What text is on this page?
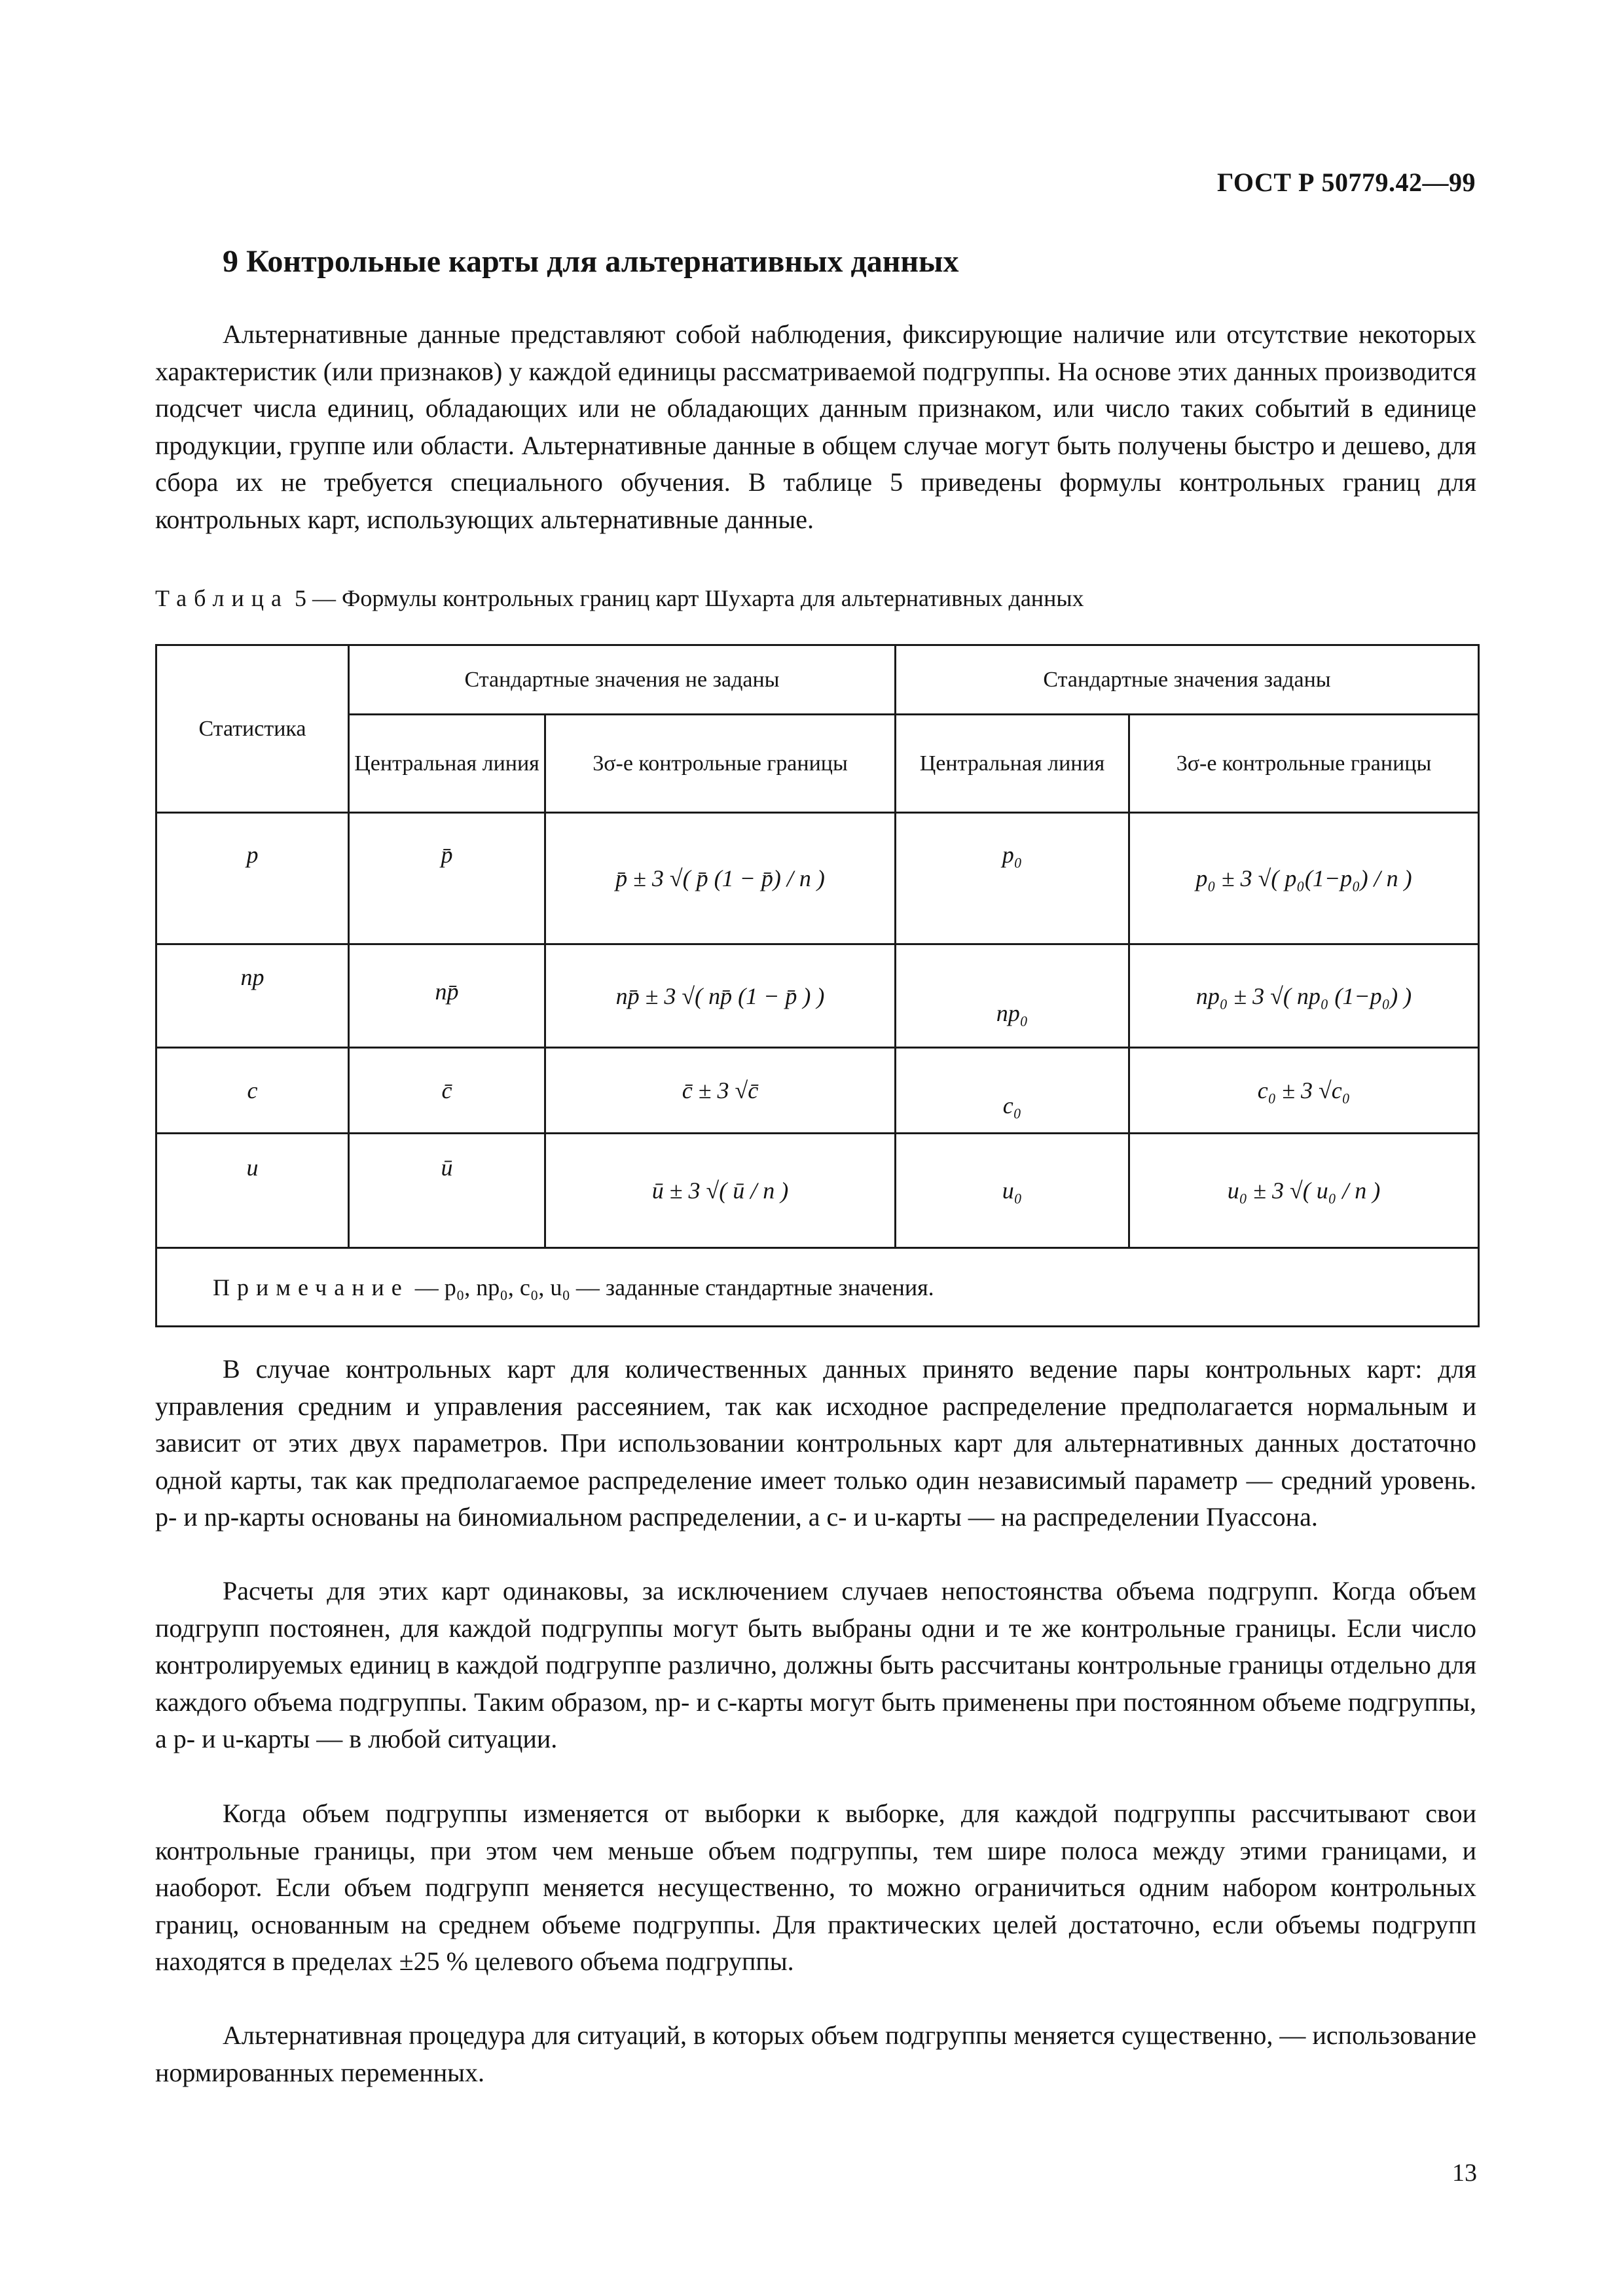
ГОСТ Р 50779.42—99
9 Контрольные карты для альтернативных данных

Альтернативные данные представляют собой наблюдения, фиксирующие наличие или отсутствие некоторых характеристик (или признаков) у каждой единицы рассматриваемой подгруппы. На основе этих данных производится подсчет числа единиц, обладающих или не обладающих данным признаком, или число таких событий в единице продукции, группе или области. Альтернативные данные в общем случае могут быть получены быстро и дешево, для сбора их не требуется специального обучения. В таблице 5 приведены формулы контрольных границ для контрольных карт, использующих альтернативные данные.

Таблица 5 — Формулы контрольных границ карт Шухарта для альтернативных данных
Статистика	Стандартные значения не заданы		Стандартные значения заданы	
	Центральная линия	3σ-е контрольные границы	Центральная линия	3σ-е контрольные границы
p	p̄	p̄ ± 3 √( p̄ (1 − p̄) / n )	p₀	p₀ ± 3 √( p₀(1−p₀) / n )
np	np̄	np̄ ± 3 √( np̄ (1 − p̄ ) )	np₀	np₀ ± 3 √( np₀ (1−p₀) )
c	c̄	c̄ ± 3 √c̄	c₀	c₀ ± 3 √c₀
u	ū	ū ± 3 √( ū / n )	u₀	u₀ ± 3 √( u₀ / n )
Примечание — p₀, np₀, c₀, u₀ — заданные стандартные значения.				

В случае контрольных карт для количественных данных принято ведение пары контрольных карт: для управления средним и управления рассеянием, так как исходное распределение предполагается нормальным и зависит от этих двух параметров. При использовании контрольных карт для альтернативных данных достаточно одной карты, так как предполагаемое распределение имеет только один независимый параметр — средний уровень. p- и np-карты основаны на биномиальном распределении, а c- и u-карты — на распределении Пуассона.

Расчеты для этих карт одинаковы, за исключением случаев непостоянства объема подгрупп. Когда объем подгрупп постоянен, для каждой подгруппы могут быть выбраны одни и те же контрольные границы. Если число контролируемых единиц в каждой подгруппе различно, должны быть рассчитаны контрольные границы отдельно для каждого объема подгруппы. Таким образом, np- и c-карты могут быть применены при постоянном объеме подгруппы, а p- и u-карты — в любой ситуации.

Когда объем подгруппы изменяется от выборки к выборке, для каждой подгруппы рассчитывают свои контрольные границы, при этом чем меньше объем подгруппы, тем шире полоса между этими границами, и наоборот. Если объем подгрупп меняется несущественно, то можно ограничиться одним набором контрольных границ, основанным на среднем объеме подгруппы. Для практических целей достаточно, если объемы подгрупп находятся в пределах ±25 % целевого объема подгруппы.

Альтернативная процедура для ситуаций, в которых объем подгруппы меняется существенно, — использование нормированных переменных.

13
